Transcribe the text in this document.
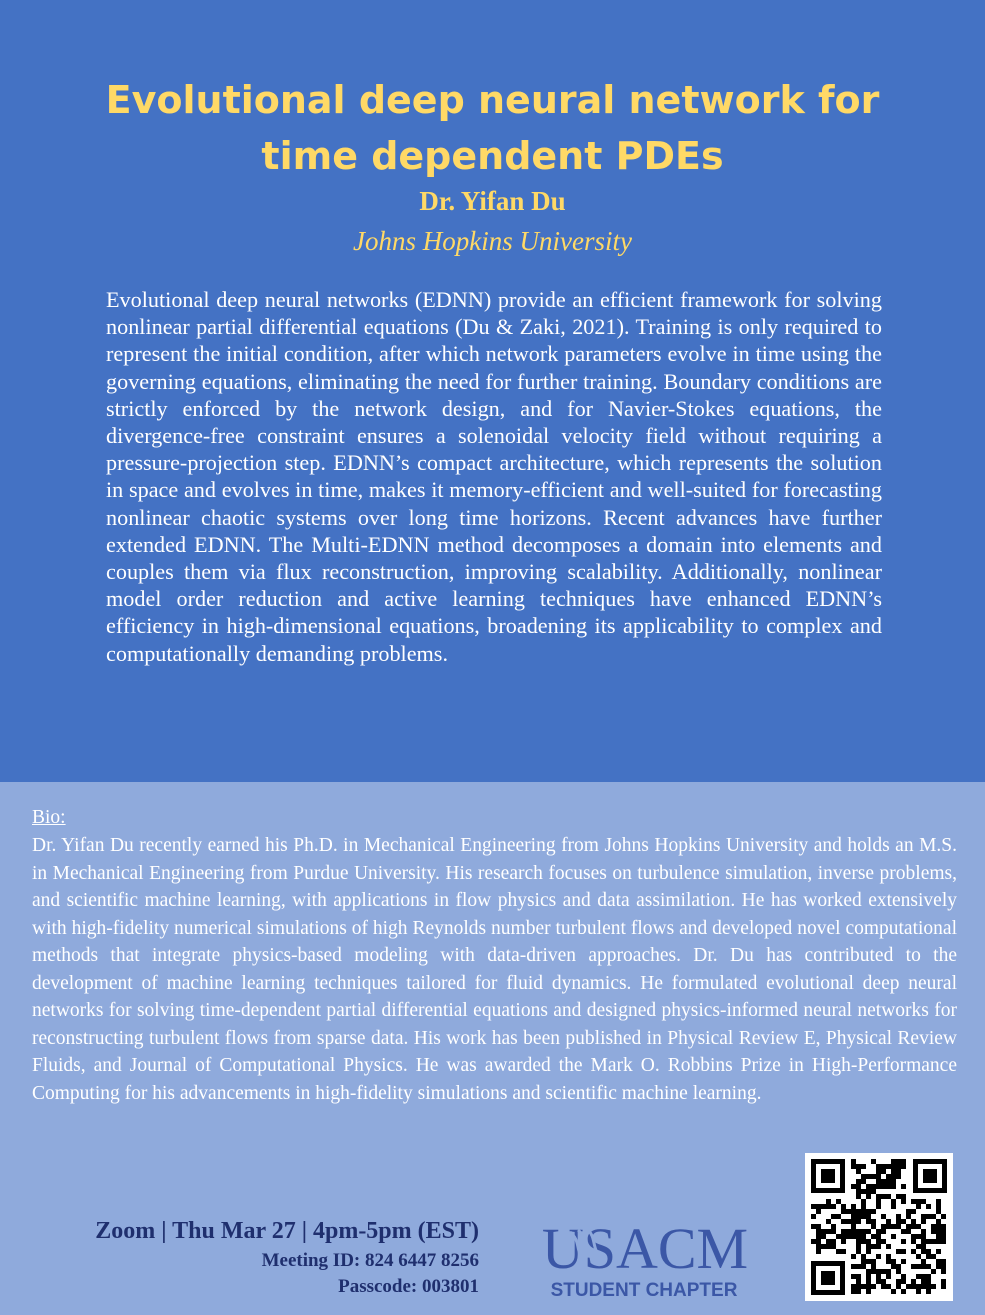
Evolutional deep neural network for
time dependent PDEs
Dr. Yifan Du
Johns Hopkins University

Evolutional deep neural networks (EDNN) provide an efficient framework for solving nonlinear partial differential equations (Du & Zaki, 2021). Training is only required to represent the initial condition, after which network parameters evolve in time using the governing equations, eliminating the need for further training. Boundary conditions are strictly enforced by the network design, and for Navier-Stokes equations, the divergence-free constraint ensures a solenoidal velocity field without requiring a pressure-projection step. EDNN’s compact architecture, which represents the solution in space and evolves in time, makes it memory-efficient and well-suited for forecasting nonlinear chaotic systems over long time horizons. Recent advances have further extended EDNN. The Multi-EDNN method decomposes a domain into elements and couples them via flux reconstruction, improving scalability. Additionally, nonlinear model order reduction and active learning techniques have enhanced EDNN’s efficiency in high-dimensional equations, broadening its applicability to complex and computationally demanding problems.

Bio:

Dr. Yifan Du recently earned his Ph.D. in Mechanical Engineering from Johns Hopkins University and holds an M.S. in Mechanical Engineering from Purdue University. His research focuses on turbulence simulation, inverse problems, and scientific machine learning, with applications in flow physics and data assimilation. He has worked extensively with high-fidelity numerical simulations of high Reynolds number turbulent flows and developed novel computational methods that integrate physics-based modeling with data-driven approaches. Dr. Du has contributed to the development of machine learning techniques tailored for fluid dynamics. He formulated evolutional deep neural networks for solving time-dependent partial differential equations and designed physics-informed neural networks for reconstructing turbulent flows from sparse data. His work has been published in Physical Review E, Physical Review Fluids, and Journal of Computational Physics. He was awarded the Mark O. Robbins Prize in High-Performance Computing for his advancements in high-fidelity simulations and scientific machine learning.

Zoom | Thu Mar 27 | 4pm-5pm (EST)
Meeting ID: 824 6447 8256
Passcode: 003801
USACM
STUDENT CHAPTER
